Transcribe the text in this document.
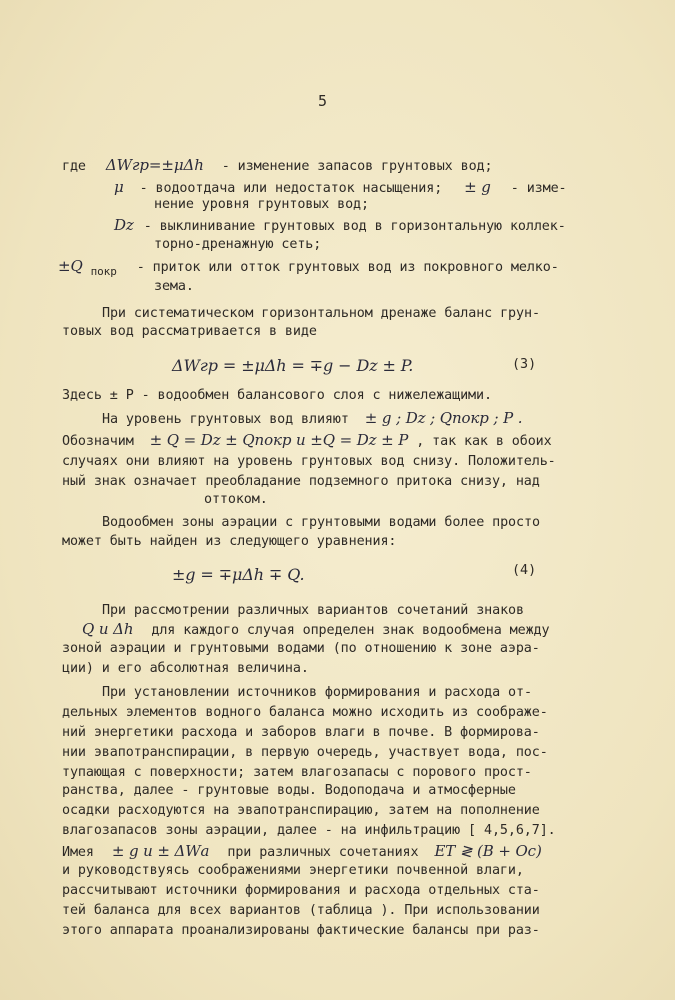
5
где ΔWгр=±μΔh - изменение запасов грунтовых вод;
μ - водоотдача или недостаток насыщения; ± g - изме-
нение уровня грунтовых вод;
Dz - выклинивание грунтовых вод в горизонтальную коллек-
торно-дренажную сеть;
±Q $_{покр}$ - приток или отток грунтовых вод из покровного мелко-
зема.
При систематическом горизонтальном дренаже баланс грун-
товых вод рассматривается в виде
ΔWгр = ±μΔh = ∓g − Dz ± P.	(3)
Здесь ± P - водообмен балансового слоя с нижележащими.
На уровень грунтовых вод влияют ± g ; Dz ; Qпокр ; P .
Обозначим ± Q = Dz ± Qпокр и ±Q = Dz ± P , так как в обоих
случаях они влияют на уровень грунтовых вод снизу. Положитель-
ный знак означает преобладание подземного притока снизу, над
оттоком.
Водообмен зоны аэрации с грунтовыми водами более просто
может быть найден из следующего уравнения:
±g = ∓μΔh ∓ Q.	(4)
При рассмотрении различных вариантов сочетаний знаков
Q и Δh для каждого случая определен знак водообмена между
зоной аэрации и грунтовыми водами (по отношению к зоне аэра-
ции) и его абсолютная величина.
При установлении источников формирования и расхода от-
дельных элементов водного баланса можно исходить из соображе-
ний энергетики расхода и заборов влаги в почве. В формирова-
нии эвапотранспирации, в первую очередь, участвует вода, пос-
тупающая с поверхности; затем влагозапасы с порового прост-
ранства, далее - грунтовые воды. Водоподача и атмосферные
осадки расходуются на эвапотранспирацию, затем на пополнение
влагозапасов зоны аэрации, далее - на инфильтрацию [ 4,5,6,7].
Имея ± g и ± ΔWа при различных сочетаниях ET ≷ (B + Oс)
и руководствуясь соображениями энергетики почвенной влаги,
рассчитывают источники формирования и расхода отдельных ста-
тей баланса для всех вариантов (таблица ). При использовании
этого аппарата проанализированы фактические балансы при раз-
